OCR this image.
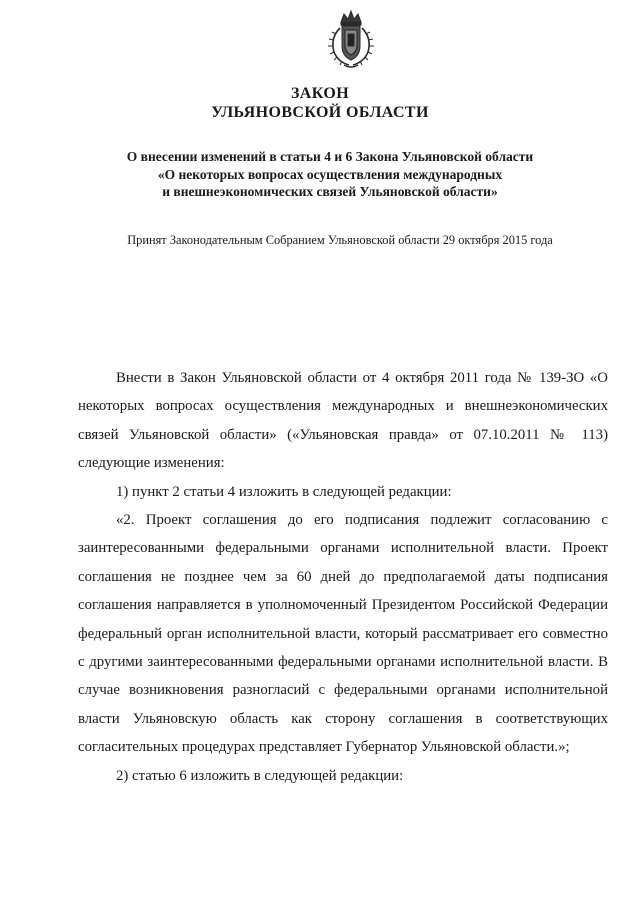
ЗАКОН
УЛЬЯНОВСКОЙ ОБЛАСТИ
О внесении изменений в статьи 4 и 6 Закона Ульяновской области
«О некоторых вопросах осуществления международных
и внешнеэкономических связей Ульяновской области»
Принят Законодательным Собранием Ульяновской области 29 октября 2015 года

Внести в Закон Ульяновской области от 4 октября 2011 года № 139-ЗО «О некоторых вопросах осуществления международных и внешнеэкономических связей Ульяновской области» («Ульяновская правда» от 07.10.2011 № 113) следующие изменения:

1) пункт 2 статьи 4 изложить в следующей редакции:

«2. Проект соглашения до его подписания подлежит согласованию с заинтересованными федеральными органами исполнительной власти. Проект соглашения не позднее чем за 60 дней до предполагаемой даты подписания соглашения направляется в уполномоченный Президентом Российской Федерации федеральный орган исполнительной власти, который рассматривает его совместно с другими заинтересованными федеральными органами исполнительной власти. В случае возникновения разногласий с федеральными органами исполнительной власти Ульяновскую область как сторону соглашения в соответствующих согласительных процедурах представляет Губернатор Ульяновской области.»;

2) статью 6 изложить в следующей редакции:
